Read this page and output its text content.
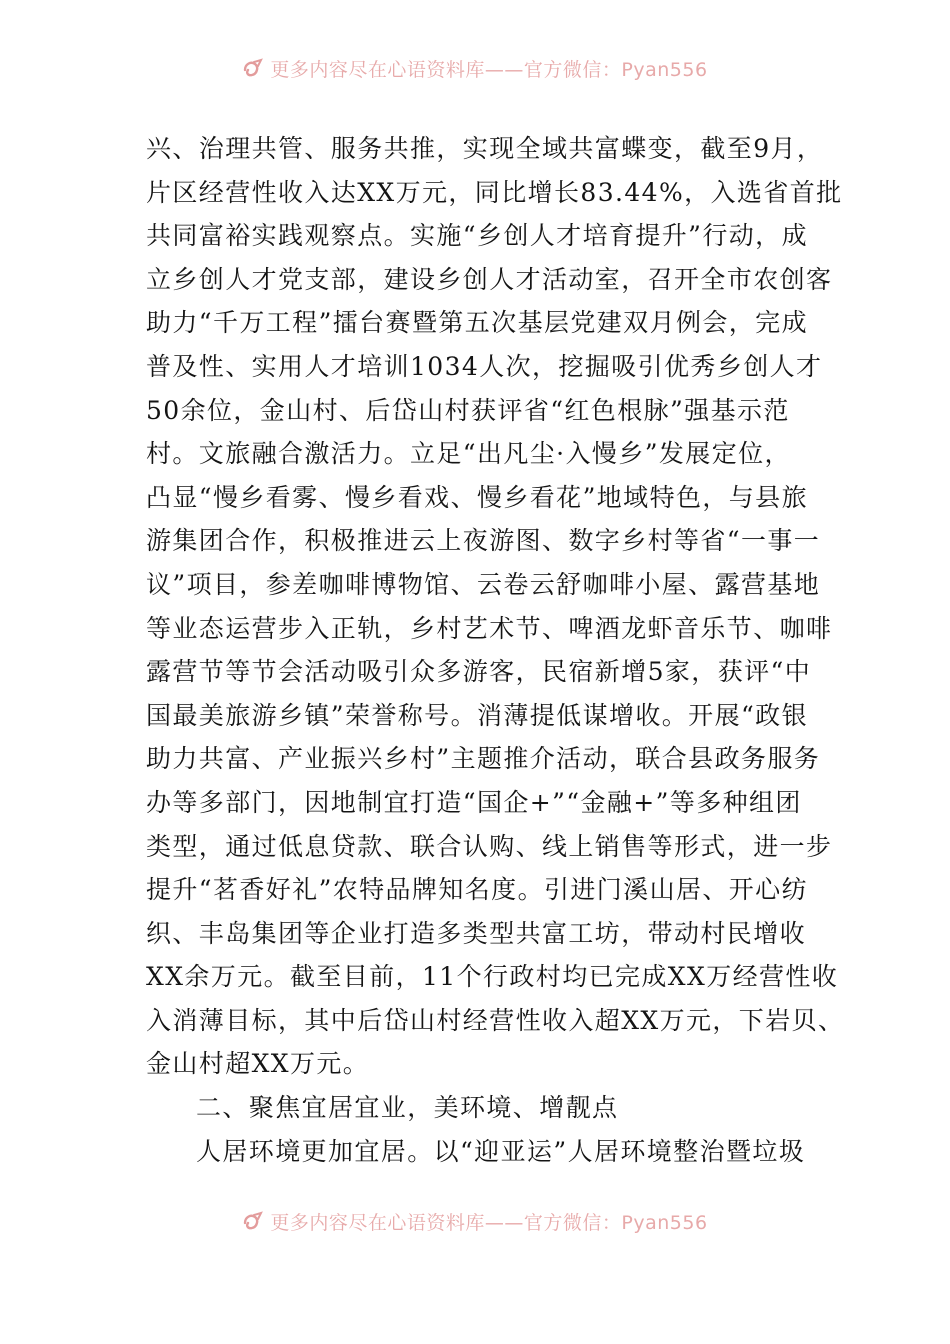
更多内容尽在心语资料库——官方微信：Pyan556
兴、治理共管、服务共推，实现全域共富蝶变，截至9月，
片区经营性收入达XX万元，同比增长83.44%，入选省首批
共同富裕实践观察点。实施“乡创人才培育提升”行动，成
立乡创人才党支部，建设乡创人才活动室，召开全市农创客
助力“千万工程”擂台赛暨第五次基层党建双月例会，完成
普及性、实用人才培训1034人次，挖掘吸引优秀乡创人才
50余位，金山村、后岱山村获评省“红色根脉”强基示范
村。文旅融合激活力。立足“出凡尘·入慢乡”发展定位，
凸显“慢乡看雾、慢乡看戏、慢乡看花”地域特色，与县旅
游集团合作，积极推进云上夜游图、数字乡村等省“一事一
议”项目，参差咖啡博物馆、云卷云舒咖啡小屋、露营基地
等业态运营步入正轨，乡村艺术节、啤酒龙虾音乐节、咖啡
露营节等节会活动吸引众多游客，民宿新增5家，获评“中
国最美旅游乡镇”荣誉称号。消薄提低谋增收。开展“政银
助力共富、产业振兴乡村”主题推介活动，联合县政务服务
办等多部门，因地制宜打造“国企+”“金融+”等多种组团
类型，通过低息贷款、联合认购、线上销售等形式，进一步
提升“茗香好礼”农特品牌知名度。引进门溪山居、开心纺
织、丰岛集团等企业打造多类型共富工坊，带动村民增收
XX余万元。截至目前，11个行政村均已完成XX万经营性收
入消薄目标，其中后岱山村经营性收入超XX万元，下岩贝、
金山村超XX万元。
二、聚焦宜居宜业，美环境、增靓点
人居环境更加宜居。以“迎亚运”人居环境整治暨垃圾
更多内容尽在心语资料库——官方微信：Pyan556
